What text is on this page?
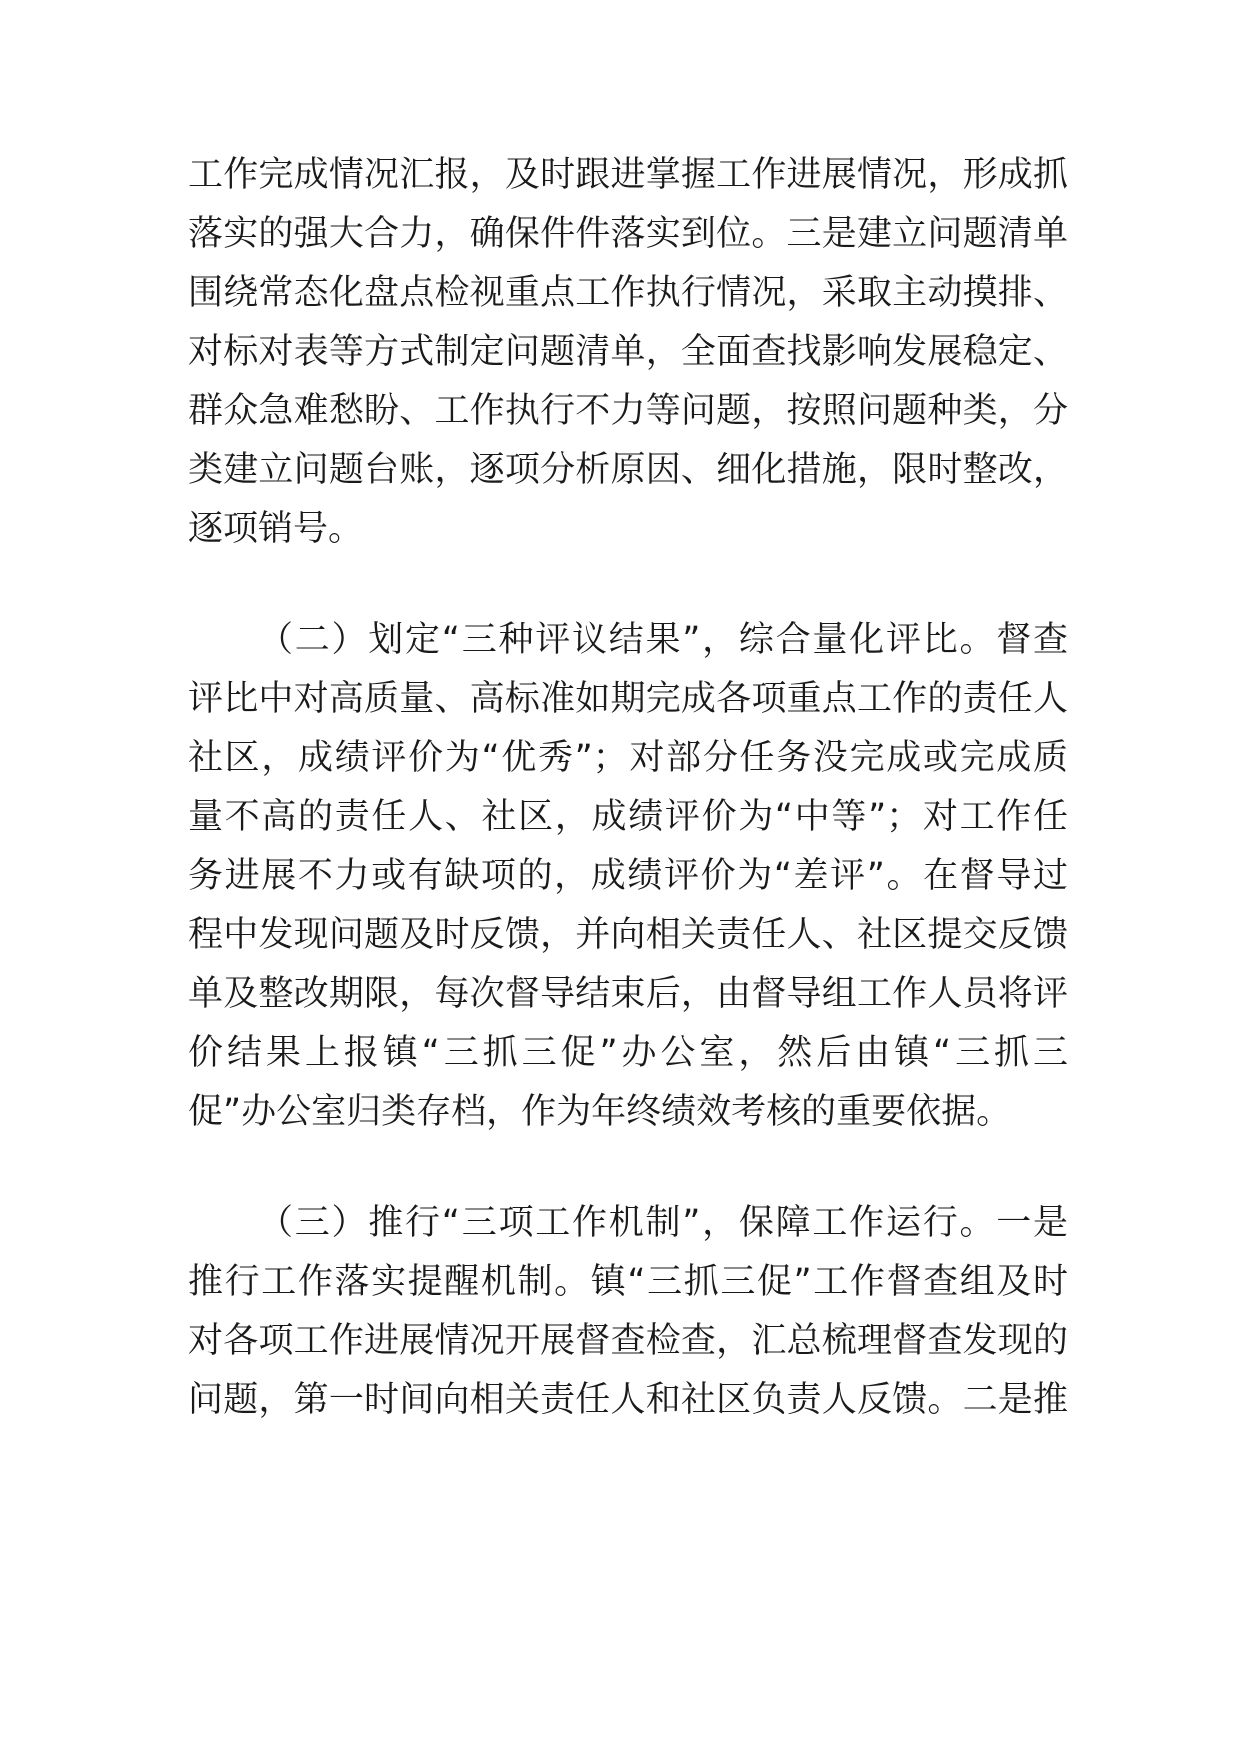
工作完成情况汇报，及时跟进掌握工作进展情况，形成抓
落实的强大合力，确保件件落实到位。三是建立问题清单
围绕常态化盘点检视重点工作执行情况，采取主动摸排、
对标对表等方式制定问题清单，全面查找影响发展稳定、
群众急难愁盼、工作执行不力等问题，按照问题种类，分
类建立问题台账，逐项分析原因、细化措施，限时整改，
逐项销号。
（二）划定“三种评议结果”，综合量化评比。督查
评比中对高质量、高标准如期完成各项重点工作的责任人
社区，成绩评价为“优秀”；对部分任务没完成或完成质
量不高的责任人、社区，成绩评价为“中等”；对工作任
务进展不力或有缺项的，成绩评价为“差评”。在督导过
程中发现问题及时反馈，并向相关责任人、社区提交反馈
单及整改期限，每次督导结束后，由督导组工作人员将评
价结果上报镇“三抓三促”办公室，然后由镇“三抓三
促”办公室归类存档，作为年终绩效考核的重要依据。
（三）推行“三项工作机制”，保障工作运行。一是
推行工作落实提醒机制。镇“三抓三促”工作督查组及时
对各项工作进展情况开展督查检查，汇总梳理督查发现的
问题，第一时间向相关责任人和社区负责人反馈。二是推
